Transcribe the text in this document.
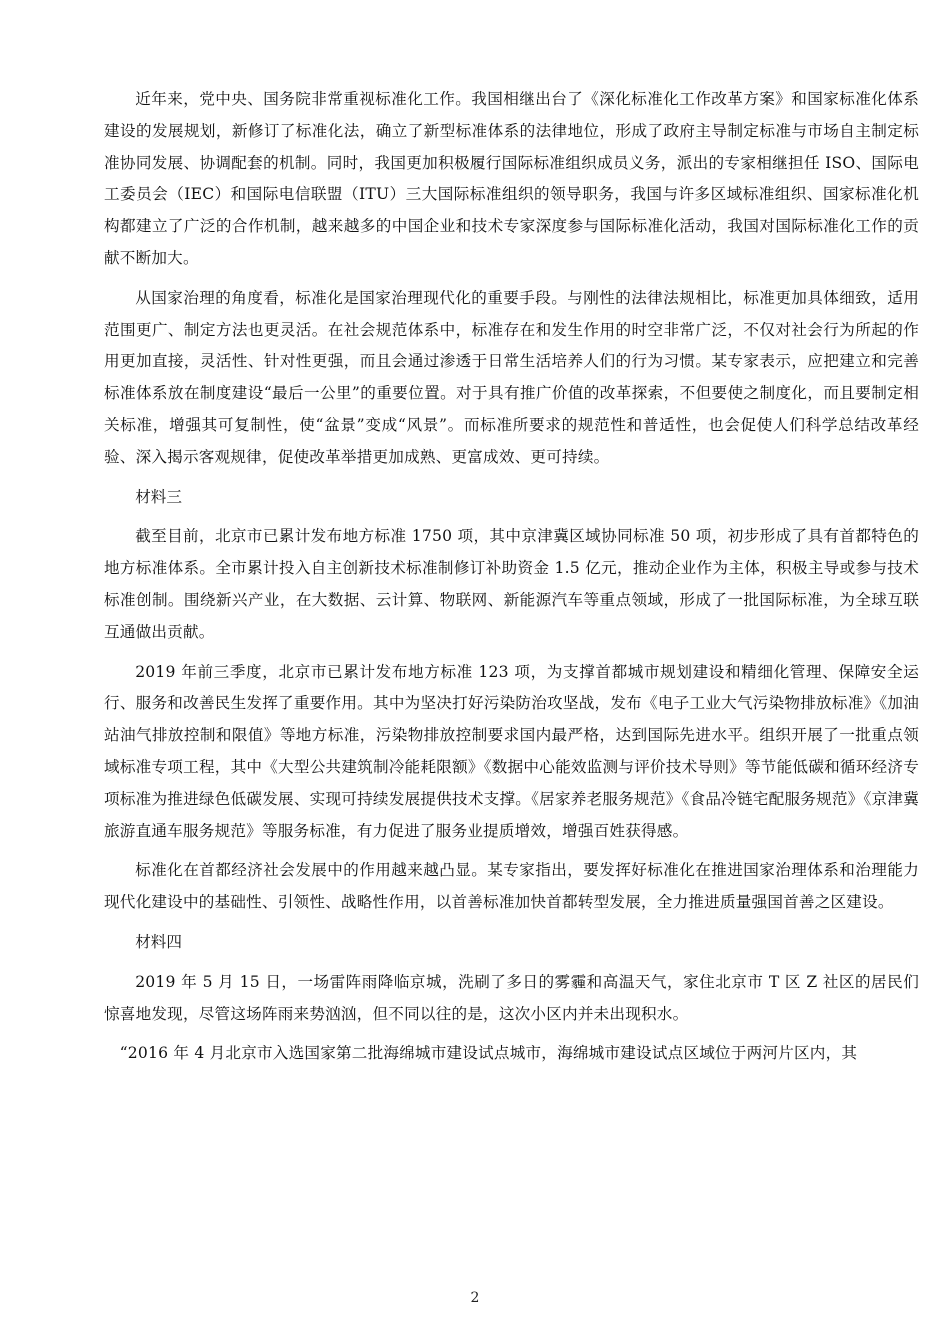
近年来，党中央、国务院非常重视标准化工作。我国相继出台了《深化标准化工作改革方案》和国家标准化体系建设的发展规划，新修订了标准化法，确立了新型标准体系的法律地位，形成了政府主导制定标准与市场自主制定标准协同发展、协调配套的机制。同时，我国更加积极履行国际标准组织成员义务，派出的专家相继担任 ISO、国际电工委员会（IEC）和国际电信联盟（ITU）三大国际标准组织的领导职务，我国与许多区域标准组织、国家标准化机构都建立了广泛的合作机制，越来越多的中国企业和技术专家深度参与国际标准化活动，我国对国际标准化工作的贡献不断加大。

从国家治理的角度看，标准化是国家治理现代化的重要手段。与刚性的法律法规相比，标准更加具体细致，适用范围更广、制定方法也更灵活。在社会规范体系中，标准存在和发生作用的时空非常广泛，不仅对社会行为所起的作用更加直接，灵活性、针对性更强，而且会通过渗透于日常生活培养人们的行为习惯。某专家表示，应把建立和完善标准体系放在制度建设“最后一公里”的重要位置。对于具有推广价值的改革探索，不但要使之制度化，而且要制定相关标准，增强其可复制性，使“盆景”变成“风景”。而标准所要求的规范性和普适性，也会促使人们科学总结改革经验、深入揭示客观规律，促使改革举措更加成熟、更富成效、更可持续。

材料三

截至目前，北京市已累计发布地方标准 1750 项，其中京津冀区域协同标准 50 项，初步形成了具有首都特色的地方标准体系。全市累计投入自主创新技术标准制修订补助资金 1.5 亿元，推动企业作为主体，积极主导或参与技术标准创制。围绕新兴产业，在大数据、云计算、物联网、新能源汽车等重点领域，形成了一批国际标准，为全球互联互通做出贡献。

2019 年前三季度，北京市已累计发布地方标准 123 项，为支撑首都城市规划建设和精细化管理、保障安全运行、服务和改善民生发挥了重要作用。其中为坚决打好污染防治攻坚战，发布《电子工业大气污染物排放标准》《加油站油气排放控制和限值》等地方标准，污染物排放控制要求国内最严格，达到国际先进水平。组织开展了一批重点领域标准专项工程，其中《大型公共建筑制冷能耗限额》《数据中心能效监测与评价技术导则》等节能低碳和循环经济专项标准为推进绿色低碳发展、实现可持续发展提供技术支撑。《居家养老服务规范》《食品冷链宅配服务规范》《京津冀旅游直通车服务规范》等服务标准，有力促进了服务业提质增效，增强百姓获得感。

标准化在首都经济社会发展中的作用越来越凸显。某专家指出，要发挥好标准化在推进国家治理体系和治理能力现代化建设中的基础性、引领性、战略性作用，以首善标准加快首都转型发展，全力推进质量强国首善之区建设。

材料四

2019 年 5 月 15 日，一场雷阵雨降临京城，洗刷了多日的雾霾和高温天气，家住北京市 T 区 Z 社区的居民们惊喜地发现，尽管这场阵雨来势汹汹，但不同以往的是，这次小区内并未出现积水。

“2016 年 4 月北京市入选国家第二批海绵城市建设试点城市，海绵城市建设试点区域位于两河片区内，其

2
